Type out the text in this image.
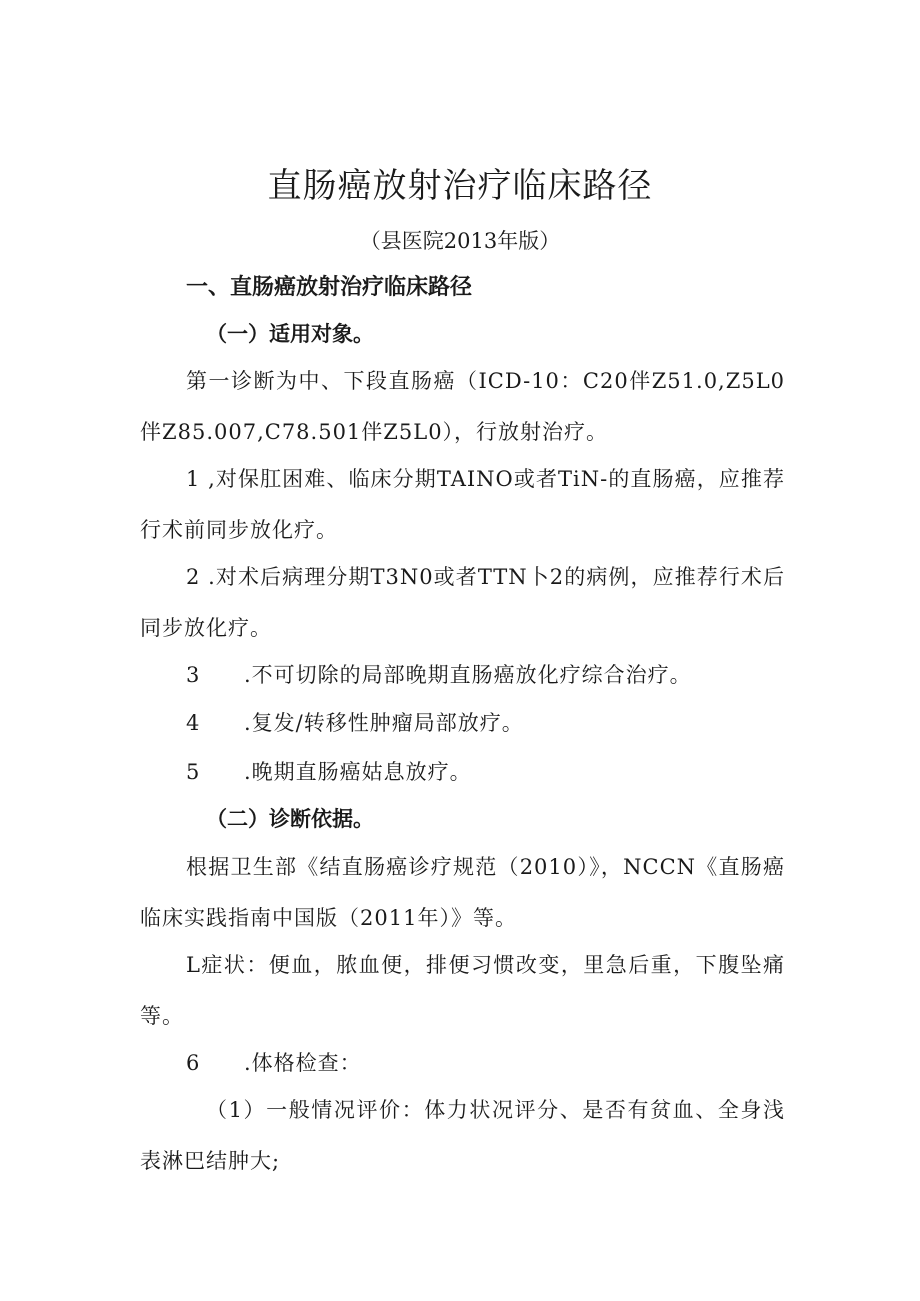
直肠癌放射治疗临床路径
（县医院2013年版）
一、直肠癌放射治疗临床路径
（一）适用对象。
第一诊断为中、下段直肠癌（ICD-10：C20伴Z51.0,Z5L0伴Z85.007,C78.501伴Z5L0），行放射治疗。
1 ,对保肛困难、临床分期TAINO或者TiN-的直肠癌，应推荐行术前同步放化疗。
2 .对术后病理分期T3N0或者TTN卜2的病例，应推荐行术后同步放化疗。
3 .不可切除的局部晚期直肠癌放化疗综合治疗。
4 .复发/转移性肿瘤局部放疗。
5 .晚期直肠癌姑息放疗。
（二）诊断依据。
根据卫生部《结直肠癌诊疗规范（2010）》，NCCN《直肠癌临床实践指南中国版（2011年）》等。
L症状：便血，脓血便，排便习惯改变，里急后重，下腹坠痛等。
6 .体格检查：
（1）一般情况评价：体力状况评分、是否有贫血、全身浅表淋巴结肿大;
